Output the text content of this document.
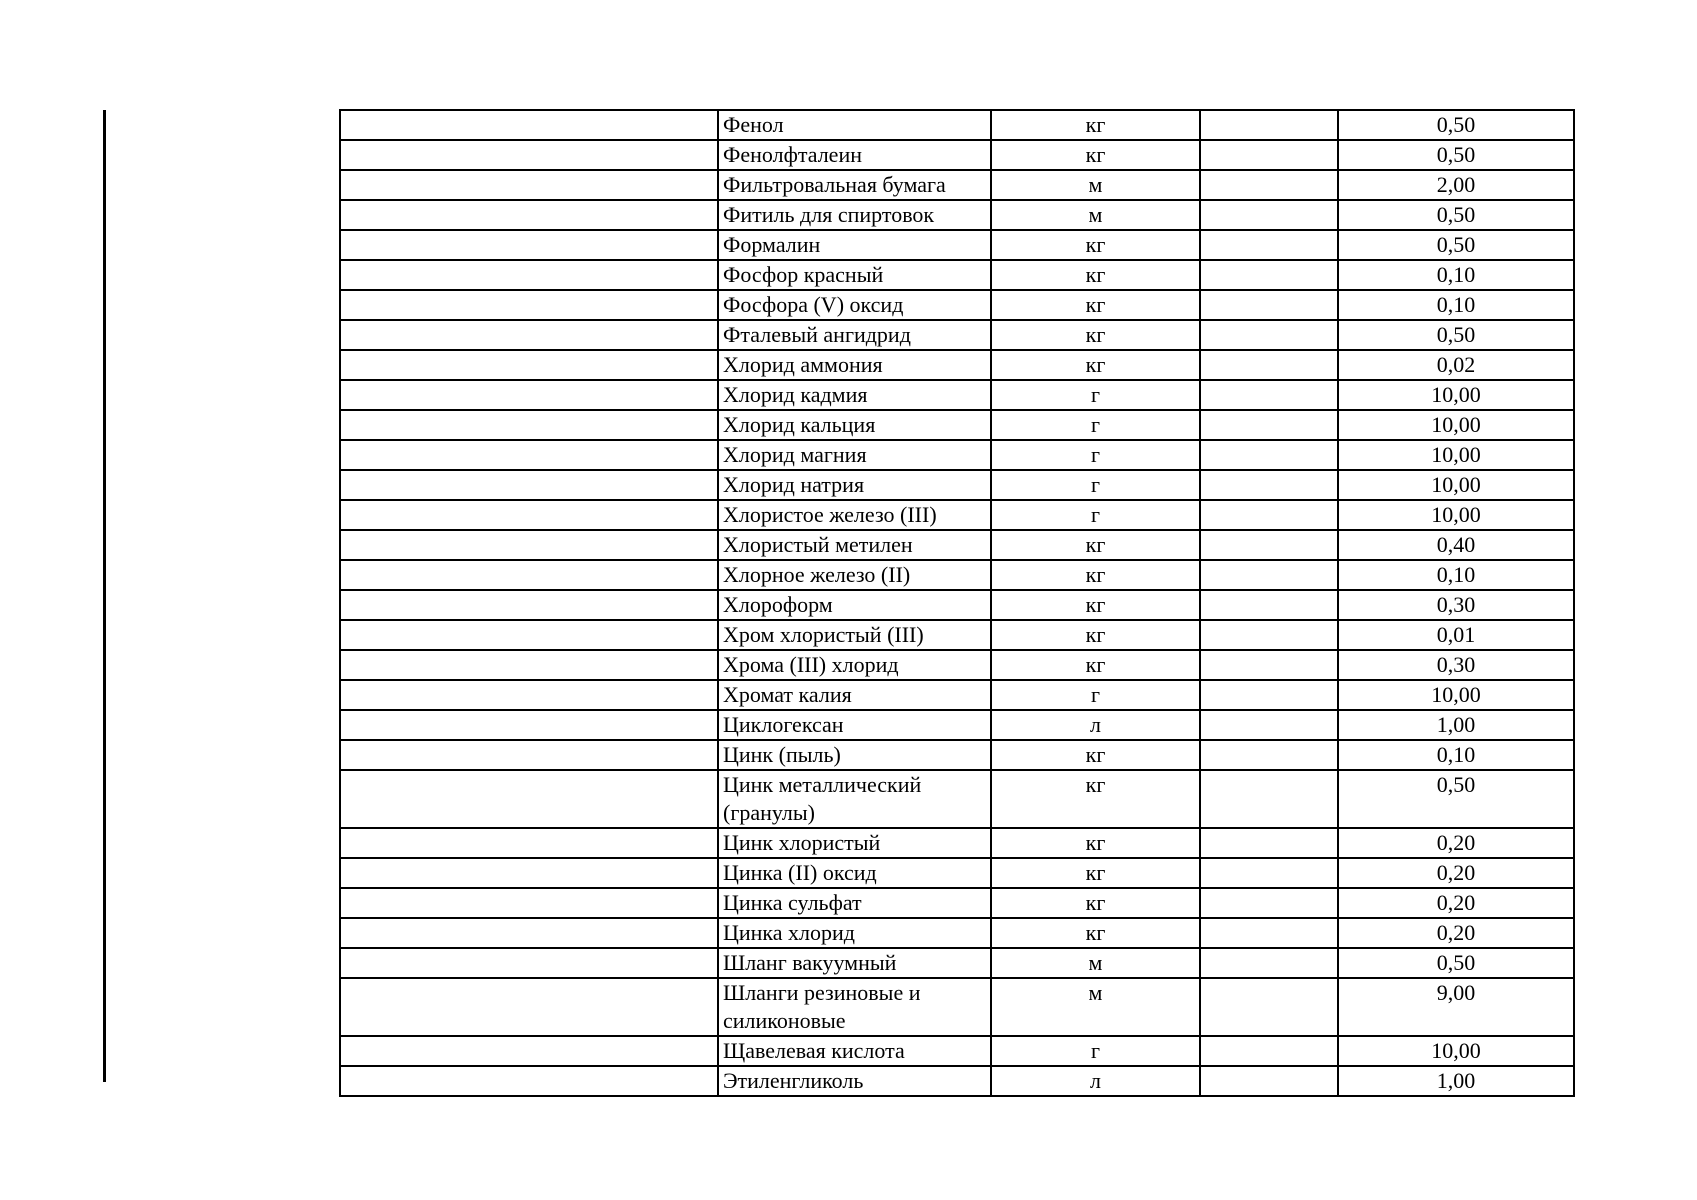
	Фенол	кг		0,50
	Фенолфталеин	кг		0,50
	Фильтровальная бумага	м		2,00
	Фитиль для спиртовок	м		0,50
	Формалин	кг		0,50
	Фосфор красный	кг		0,10
	Фосфора (V) оксид	кг		0,10
	Фталевый ангидрид	кг		0,50
	Хлорид аммония	кг		0,02
	Хлорид кадмия	г		10,00
	Хлорид кальция	г		10,00
	Хлорид магния	г		10,00
	Хлорид натрия	г		10,00
	Хлористое железо (III)	г		10,00
	Хлористый метилен	кг		0,40
	Хлорное железо (II)	кг		0,10
	Хлороформ	кг		0,30
	Хром хлористый (III)	кг		0,01
	Хрома (III) хлорид	кг		0,30
	Хромат калия	г		10,00
	Циклогексан	л		1,00
	Цинк (пыль)	кг		0,10
	Цинк металлический (гранулы)	кг		0,50
	Цинк хлористый	кг		0,20
	Цинка (II) оксид	кг		0,20
	Цинка сульфат	кг		0,20
	Цинка хлорид	кг		0,20
	Шланг вакуумный	м		0,50
	Шланги резиновые и силиконовые	м		9,00
	Щавелевая кислота	г		10,00
	Этиленгликоль	л		1,00
